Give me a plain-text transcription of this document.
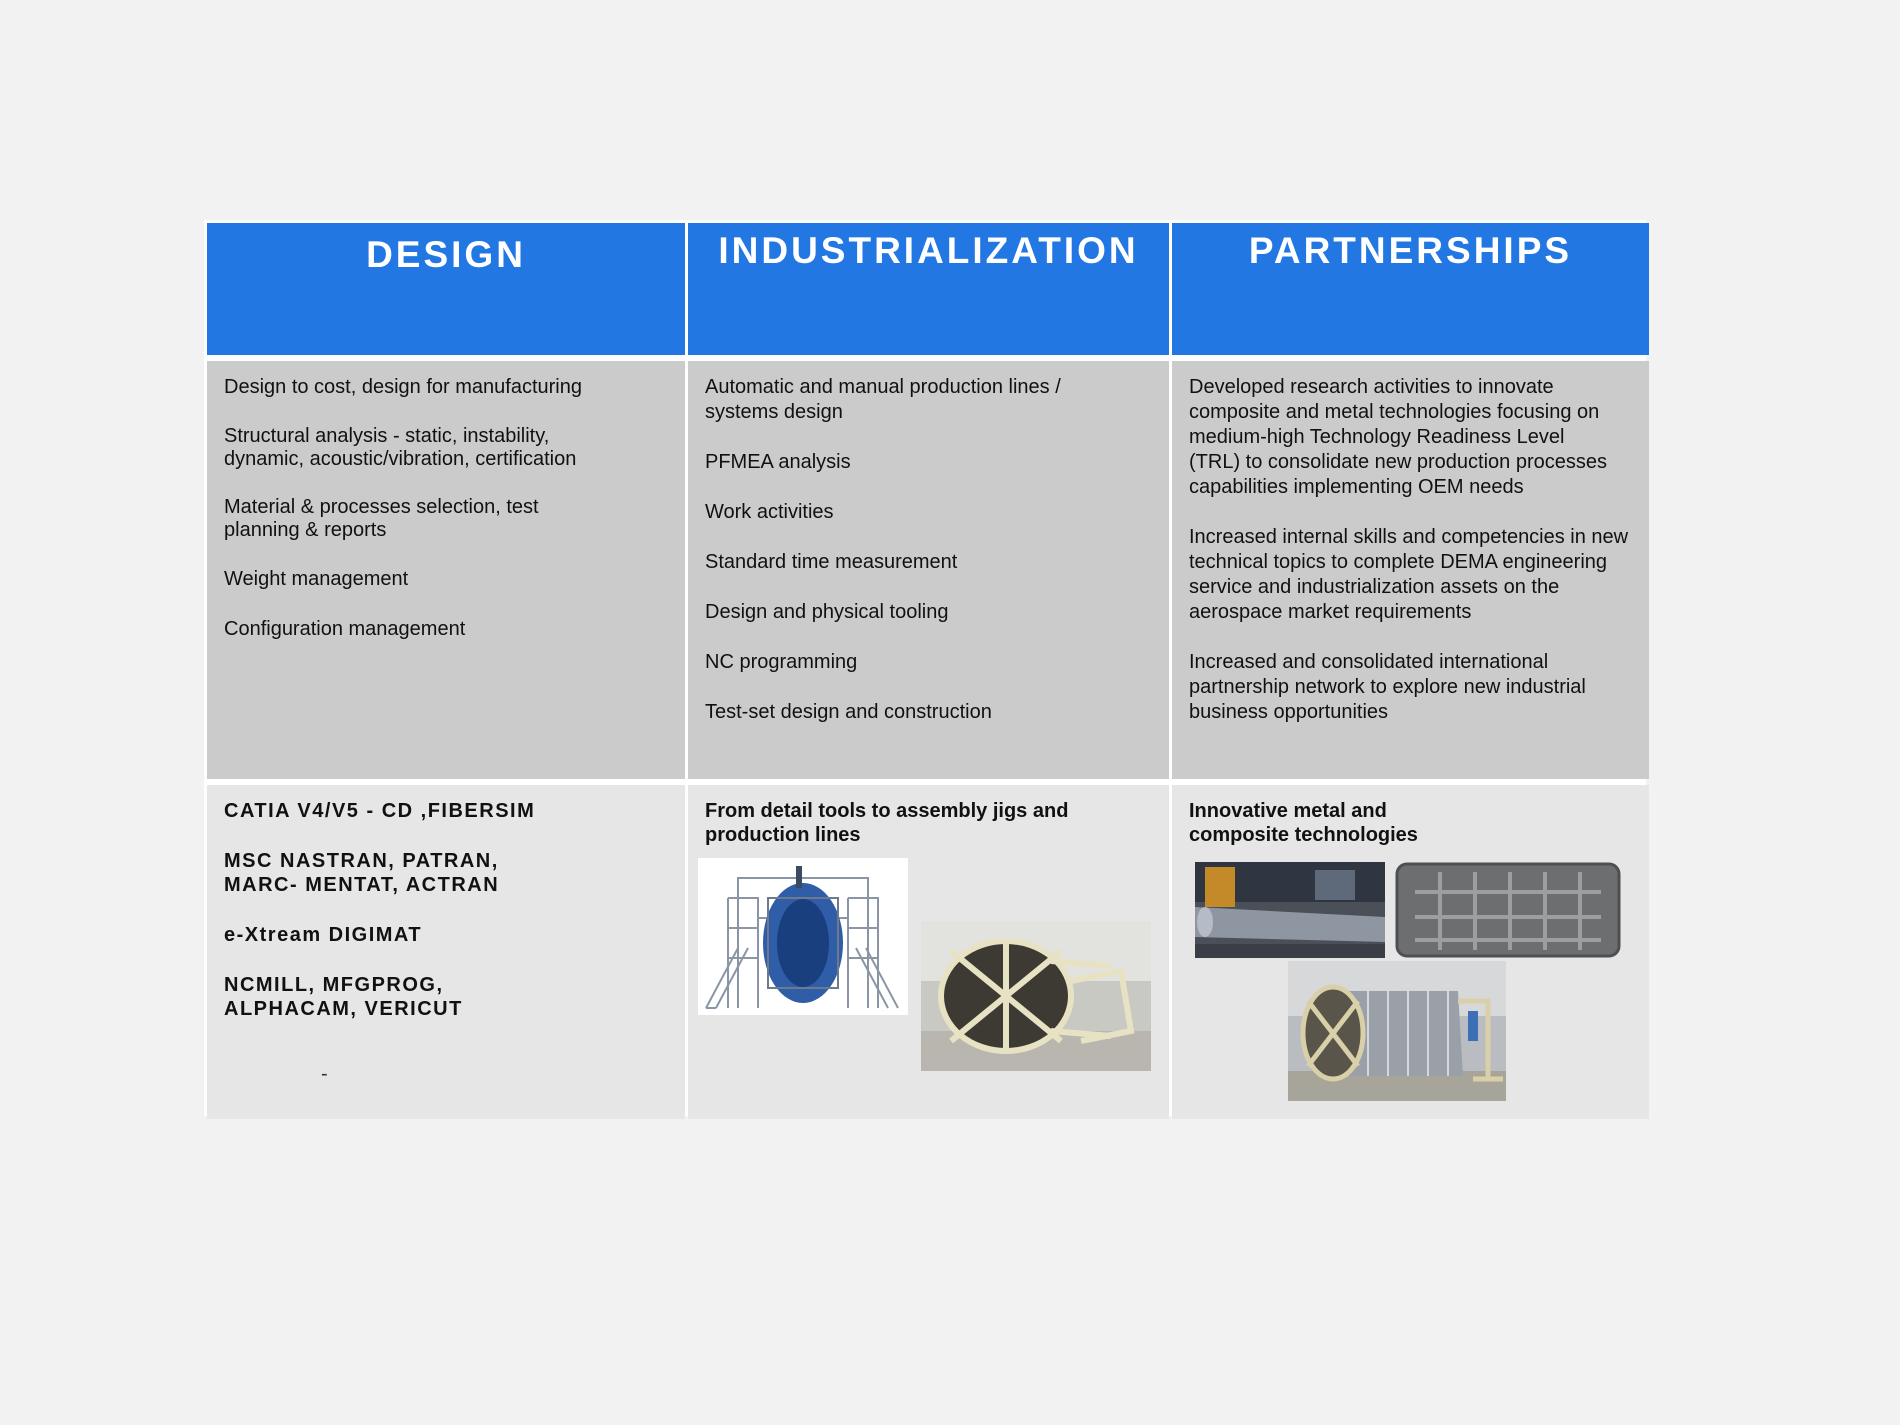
DESIGN	INDUSTRIALIZATION	PARTNERSHIPS
Design to cost, design for manufacturing
Structural analysis - static, instability, dynamic, acoustic/vibration, certification
Material & processes selection, test planning & reports
Weight management
Configuration management
Automatic and manual production lines / systems design
PFMEA analysis
Work activities
Standard time measurement
Design and physical tooling
NC programming
Test-set design and construction
Developed research activities to innovate composite and metal technologies focusing on medium-high Technology Readiness Level (TRL) to consolidate new production processes capabilities implementing OEM needs
Increased internal skills and competencies in new technical topics to complete DEMA engineering service and industrialization assets on the aerospace market requirements
Increased and consolidated international partnership network to explore new industrial business opportunities
CATIA V4/V5 - CD ,FIBERSIM
MSC NASTRAN, PATRAN, MARC- MENTAT, ACTRAN
e-Xtream DIGIMAT
NCMILL, MFGPROG, ALPHACAM, VERICUT
-
From detail tools to assembly jigs and production lines
Innovative metal and composite technologies
